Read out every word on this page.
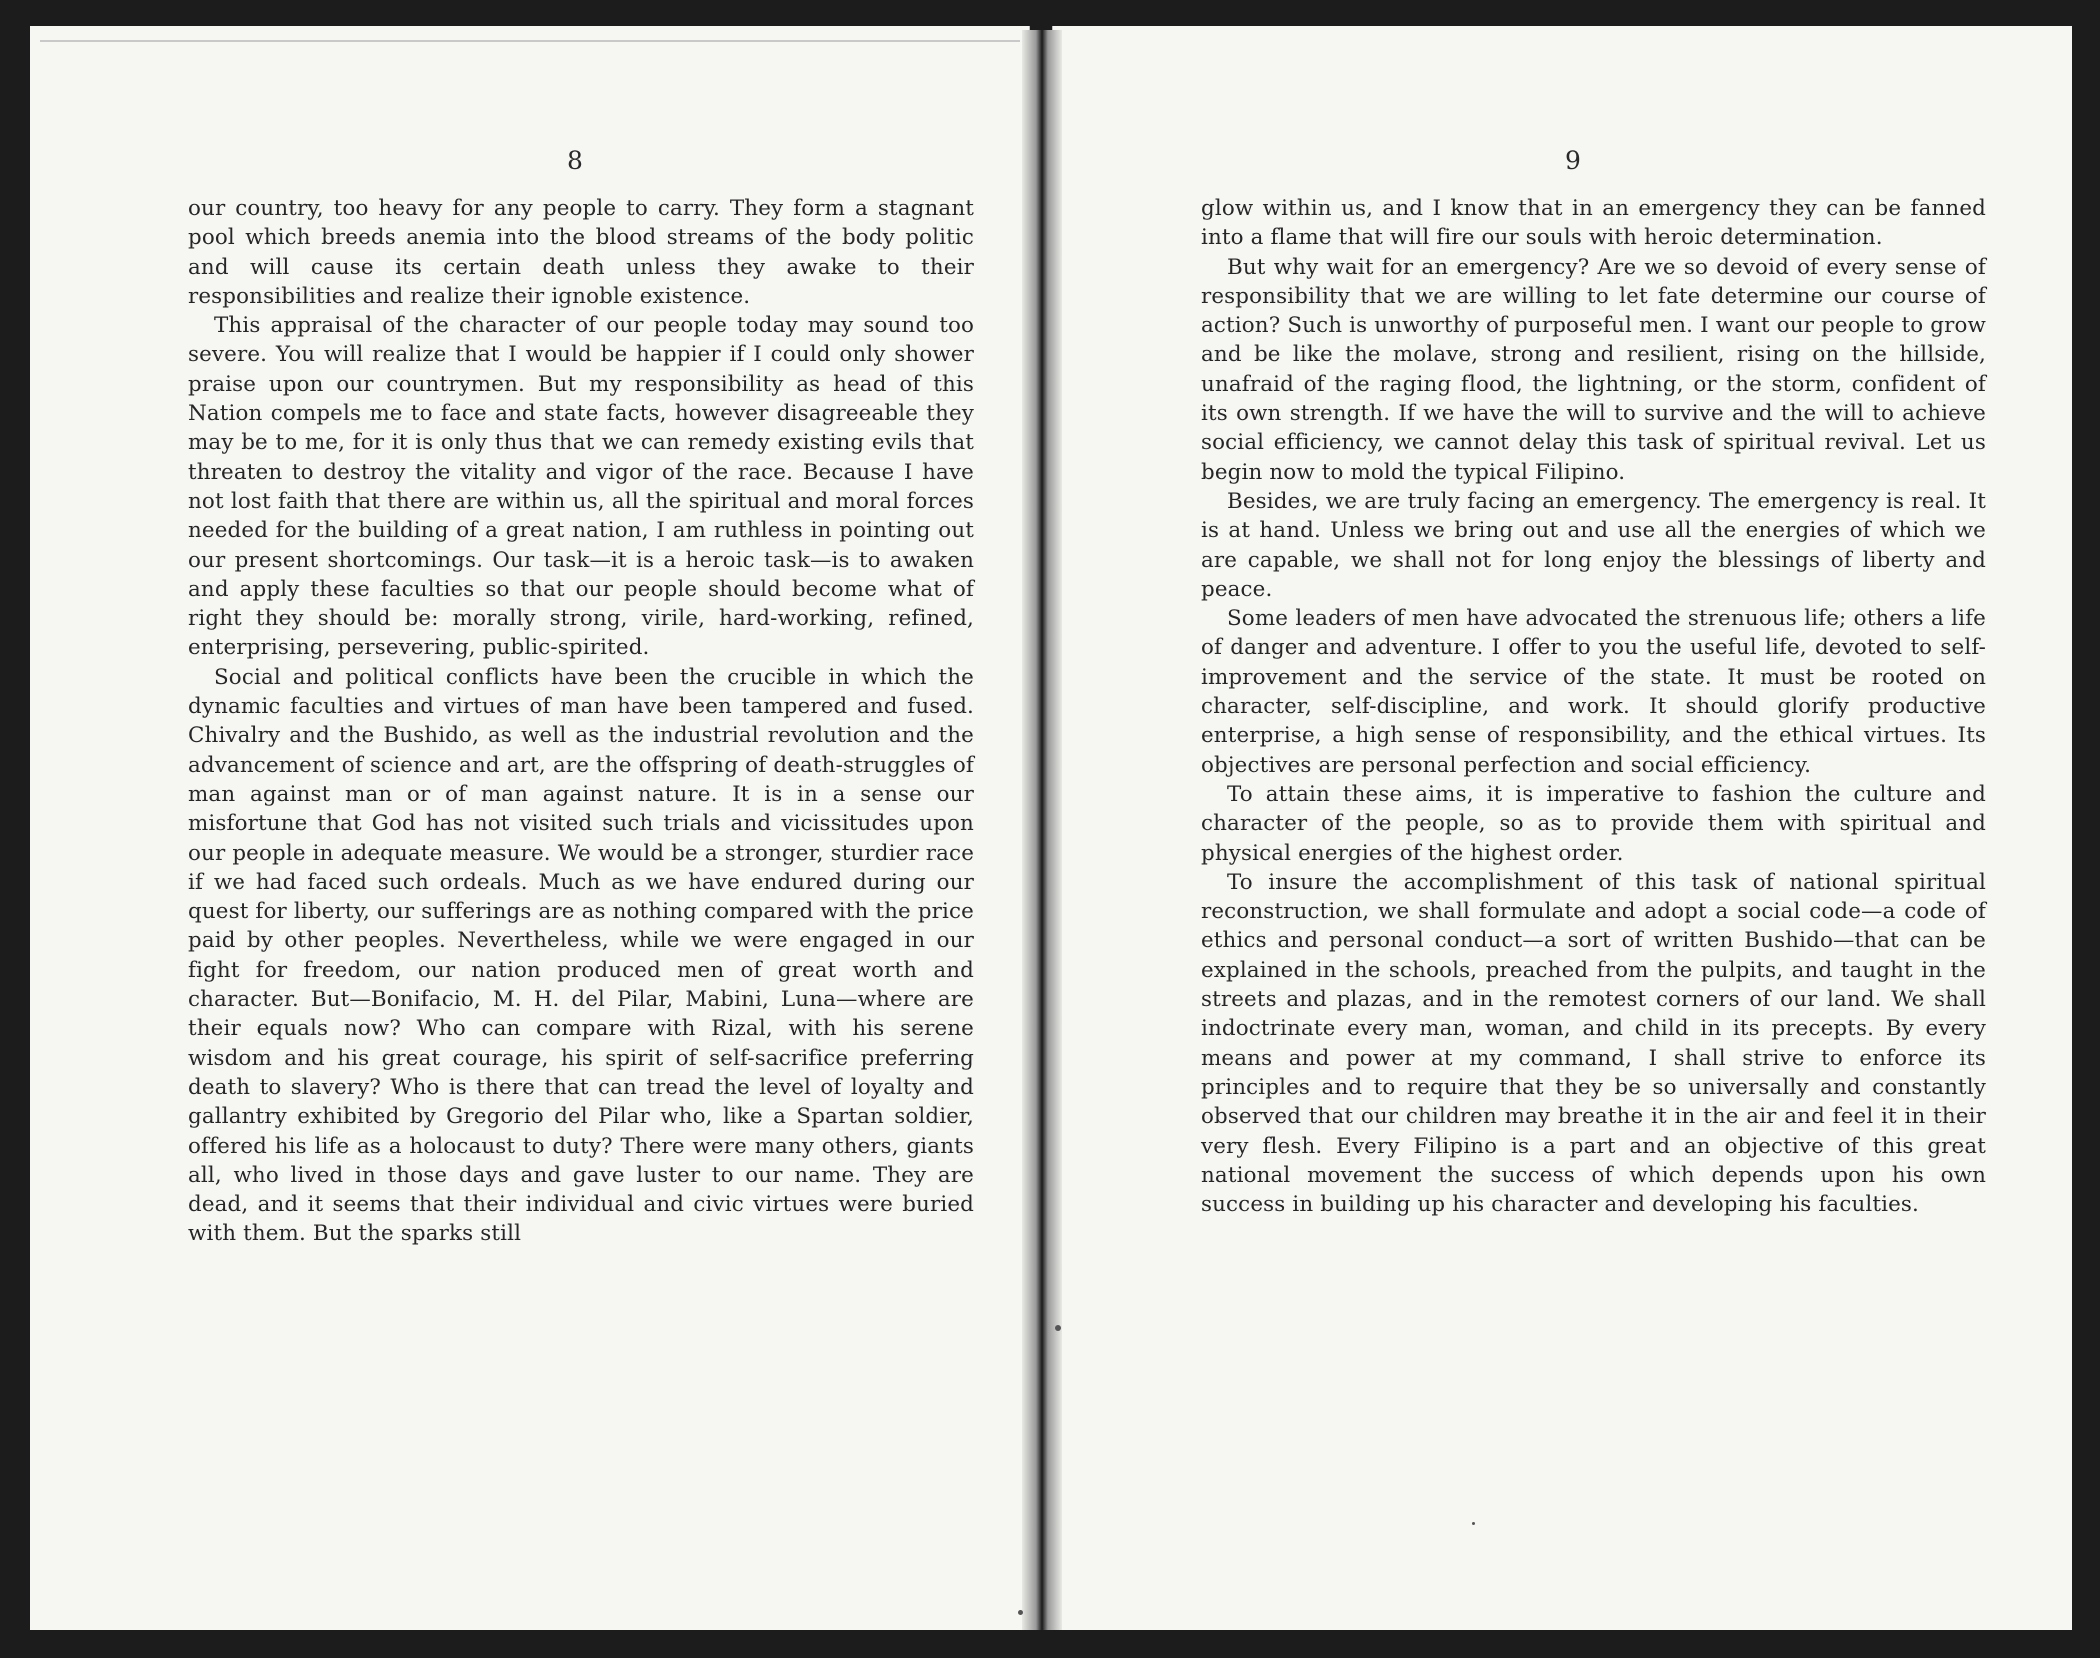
8

our country, too heavy for any people to carry. They form a stagnant pool which breeds anemia into the blood streams of the body politic and will cause its certain death unless they awake to their responsibilities and realize their ignoble existence.

This appraisal of the character of our people today may sound too severe. You will realize that I would be happier if I could only shower praise upon our countrymen. But my responsibility as head of this Nation compels me to face and state facts, however disagreeable they may be to me, for it is only thus that we can remedy existing evils that threaten to destroy the vitality and vigor of the race. Because I have not lost faith that there are within us, all the spiritual and moral forces needed for the building of a great nation, I am ruthless in pointing out our present shortcomings. Our task—it is a heroic task—is to awaken and apply these faculties so that our people should become what of right they should be: morally strong, virile, hard-working, refined, enterprising, persevering, public-spirited.

Social and political conflicts have been the crucible in which the dynamic faculties and virtues of man have been tampered and fused. Chivalry and the Bushido, as well as the industrial revolution and the advancement of science and art, are the offspring of death-struggles of man against man or of man against nature. It is in a sense our misfortune that God has not visited such trials and vicissitudes upon our people in adequate measure. We would be a stronger, sturdier race if we had faced such ordeals. Much as we have endured during our quest for liberty, our sufferings are as nothing compared with the price paid by other peoples. Nevertheless, while we were engaged in our fight for freedom, our nation produced men of great worth and character. But—Bonifacio, M. H. del Pilar, Mabini, Luna—where are their equals now? Who can compare with Rizal, with his serene wisdom and his great courage, his spirit of self-sacrifice preferring death to slavery? Who is there that can tread the level of loyalty and gallantry exhibited by Gregorio del Pilar who, like a Spartan soldier, offered his life as a holocaust to duty? There were many others, giants all, who lived in those days and gave luster to our name. They are dead, and it seems that their individual and civic virtues were buried with them. But the sparks still

9

glow within us, and I know that in an emergency they can be fanned into a flame that will fire our souls with heroic determination.

But why wait for an emergency? Are we so devoid of every sense of responsibility that we are willing to let fate determine our course of action? Such is unworthy of purposeful men. I want our people to grow and be like the molave, strong and resilient, rising on the hillside, unafraid of the raging flood, the lightning, or the storm, confident of its own strength. If we have the will to survive and the will to achieve social efficiency, we cannot delay this task of spiritual revival. Let us begin now to mold the typical Filipino.

Besides, we are truly facing an emergency. The emergency is real. It is at hand. Unless we bring out and use all the energies of which we are capable, we shall not for long enjoy the blessings of liberty and peace.

Some leaders of men have advocated the strenuous life; others a life of danger and adventure. I offer to you the useful life, devoted to self-improvement and the service of the state. It must be rooted on character, self-discipline, and work. It should glorify productive enterprise, a high sense of responsibility, and the ethical virtues. Its objectives are personal perfection and social efficiency.

To attain these aims, it is imperative to fashion the culture and character of the people, so as to provide them with spiritual and physical energies of the highest order.

To insure the accomplishment of this task of national spiritual reconstruction, we shall formulate and adopt a social code—a code of ethics and personal conduct—a sort of written Bushido—that can be explained in the schools, preached from the pulpits, and taught in the streets and plazas, and in the remotest corners of our land. We shall indoctrinate every man, woman, and child in its precepts. By every means and power at my command, I shall strive to enforce its principles and to require that they be so universally and constantly observed that our children may breathe it in the air and feel it in their very flesh. Every Filipino is a part and an objective of this great national movement the success of which depends upon his own success in building up his character and developing his faculties.
